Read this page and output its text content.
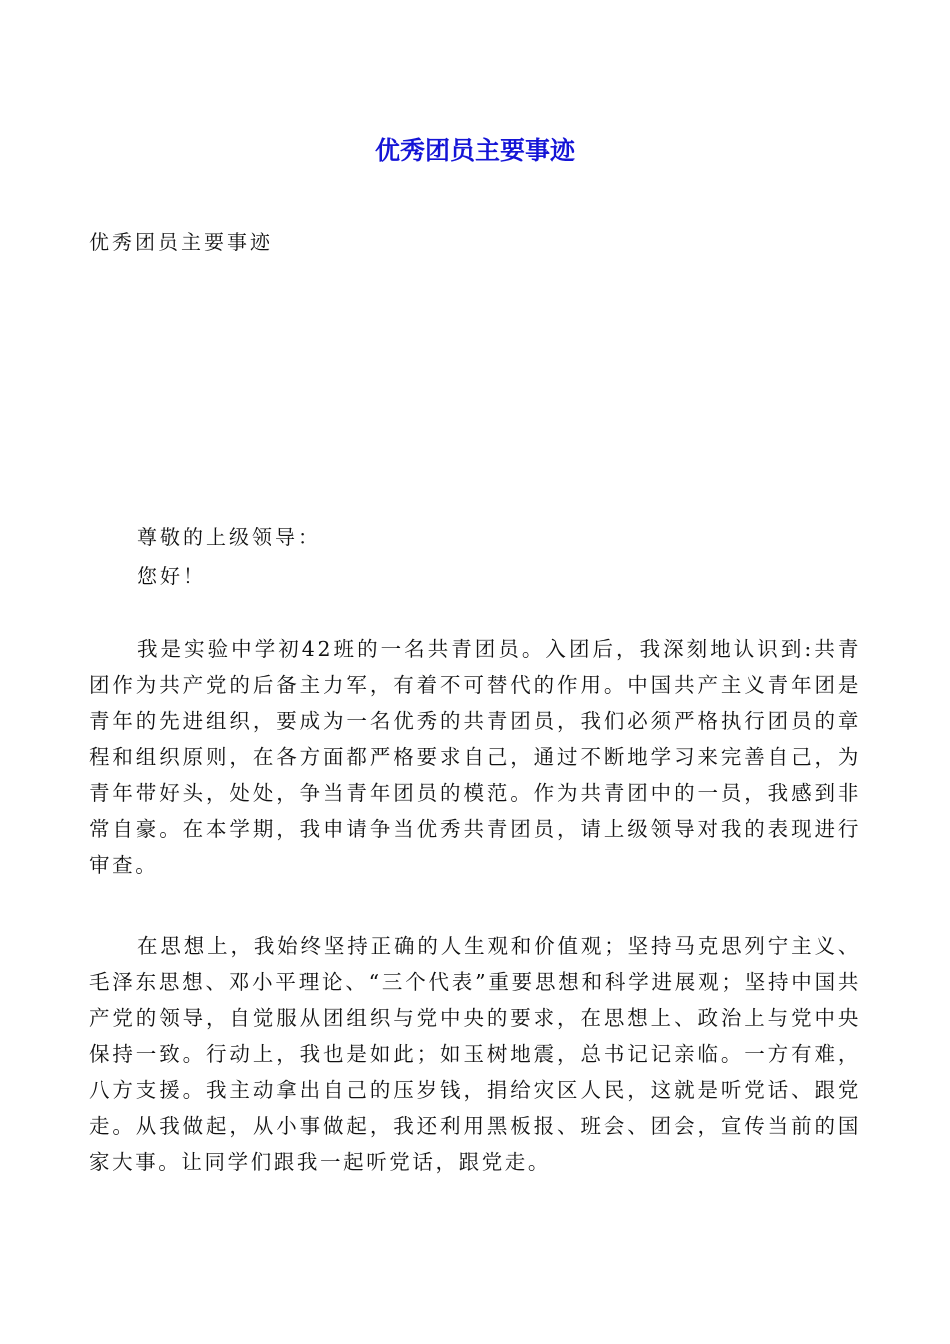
优秀团员主要事迹
优秀团员主要事迹
尊敬的上级领导：
您好！

我是实验中学初42班的一名共青团员。入团后，我深刻地认识到:共青团作为共产党的后备主力军，有着不可替代的作用。中国共产主义青年团是青年的先进组织，要成为一名优秀的共青团员，我们必须严格执行团员的章程和组织原则，在各方面都严格要求自己，通过不断地学习来完善自己，为青年带好头，处处，争当青年团员的模范。作为共青团中的一员，我感到非常自豪。在本学期，我申请争当优秀共青团员，请上级领导对我的表现进行审查。

在思想上，我始终坚持正确的人生观和价值观；坚持马克思列宁主义、毛泽东思想、邓小平理论、“三个代表”重要思想和科学进展观；坚持中国共产党的领导，自觉服从团组织与党中央的要求，在思想上、政治上与党中央保持一致。行动上，我也是如此；如玉树地震，总书记记亲临。一方有难，八方支援。我主动拿出自己的压岁钱，捐给灾区人民，这就是听党话、跟党走。从我做起，从小事做起，我还利用黑板报、班会、团会，宣传当前的国家大事。让同学们跟我一起听党话，跟党走。
